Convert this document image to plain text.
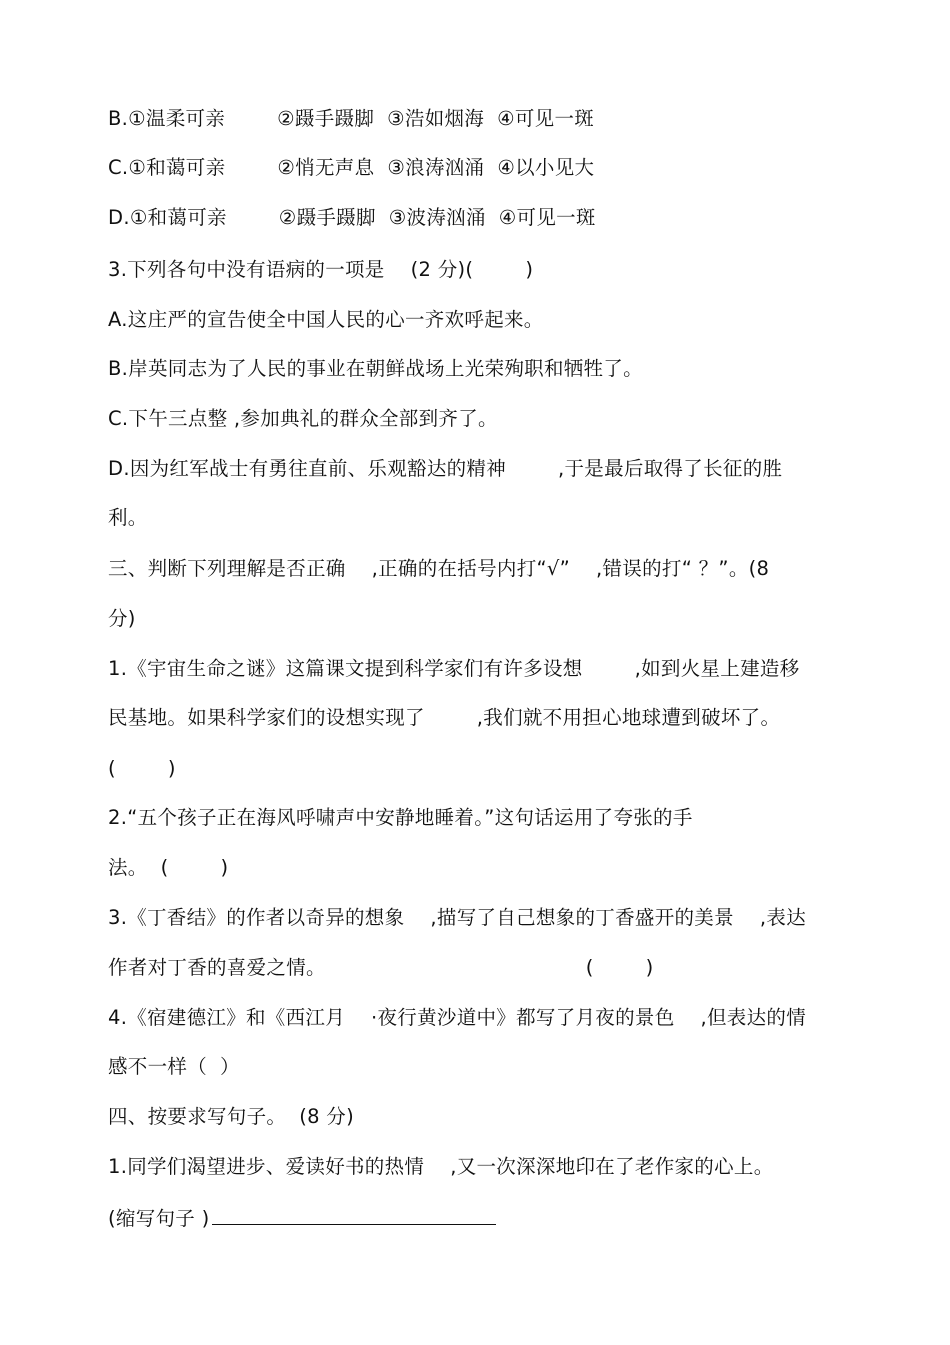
B.①温柔可亲        ②蹑手蹑脚  ③浩如烟海  ④可见一斑
C.①和蔼可亲        ②悄无声息  ③浪涛汹涌  ④以小见大
D.①和蔼可亲        ②蹑手蹑脚  ③波涛汹涌  ④可见一斑
3.下列各句中没有语病的一项是    (2 分)(        )
A.这庄严的宣告使全中国人民的心一齐欢呼起来。
B.岸英同志为了人民的事业在朝鲜战场上光荣殉职和牺牲了。
C.下午三点整 ,参加典礼的群众全部到齐了。
D.因为红军战士有勇往直前、乐观豁达的精神        ,于是最后取得了长征的胜
利。
三、判断下列理解是否正确    ,正确的在括号内打“√”    ,错误的打“ ？”。(8
分)
1.《宇宙生命之谜》这篇课文提到科学家们有许多设想        ,如到火星上建造移
民基地。如果科学家们的设想实现了        ,我们就不用担心地球遭到破坏了。
(        )
2.“五个孩子正在海风呼啸声中安静地睡着。”这句话运用了夸张的手
法。  (        )
3.《丁香结》的作者以奇异的想象    ,描写了自己想象的丁香盛开的美景    ,表达
作者对丁香的喜爱之情。                                        (        )
4.《宿建德江》和《西江月    ·夜行黄沙道中》都写了月夜的景色    ,但表达的情
感不一样（  ）
四、按要求写句子。  (8 分)
1.同学们渴望进步、爱读好书的热情    ,又一次深深地印在了老作家的心上。
(缩写句子 )
